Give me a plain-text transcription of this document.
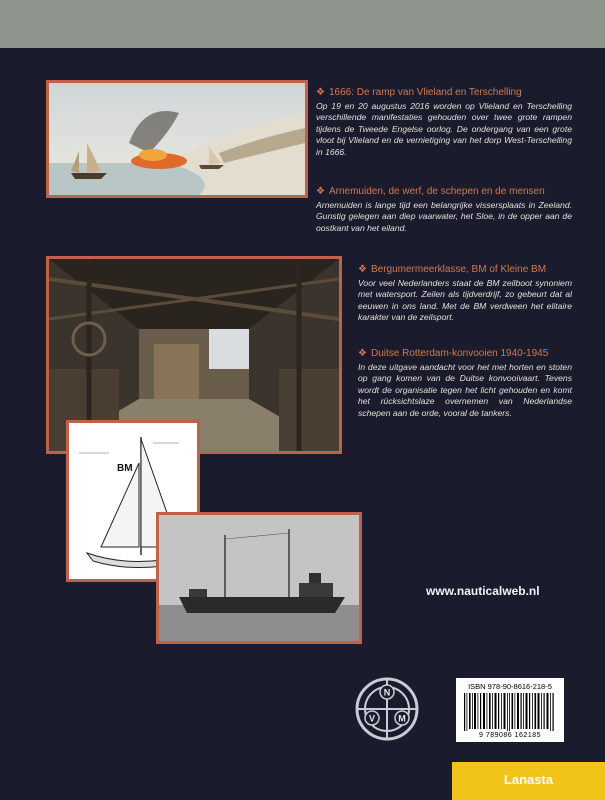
BM

❖ 1666: De ramp van Vlieland en Terschelling

Op 19 en 20 augustus 2016 worden op Vlieland en Terschelling verschillende manifestaties gehouden over twee grote rampen tijdens de Tweede Engelse oorlog. De ondergang van een grote vloot bij Vlieland en de vernietiging van het dorp West-Terschelling in 1666.

❖ Arnemuiden, de werf, de schepen en de mensen

Arnemuiden is lange tijd een belangrijke vissersplaats in Zeeland. Gunstig gelegen aan diep vaarwater, het Sloe, in de opper aan de oostkant van het eiland.

❖ Bergumermeerklasse, BM of Kleine BM

Voor veel Nederlanders staat de BM zeilboot synoniem met watersport. Zeilen als tijdverdrijf, zo gebeurt dat al eeuwen in ons land. Met de BM verdween het elitaire karakter van de zeilsport.

❖ Duitse Rotterdam-konvooien 1940-1945

In deze uitgave aandacht voor het met horten en stoten op gang komen van de Duitse konvooivaart. Tevens wordt de organisatie tegen het licht gehouden en komt het rücksichtslaze overnemen van Nederlandse schepen aan de orde, vooral de tankers.

www.nauticalweb.nl
N
V	M
ISBN 978-90-8616-218-5
9 789086 162185
Lanasta
